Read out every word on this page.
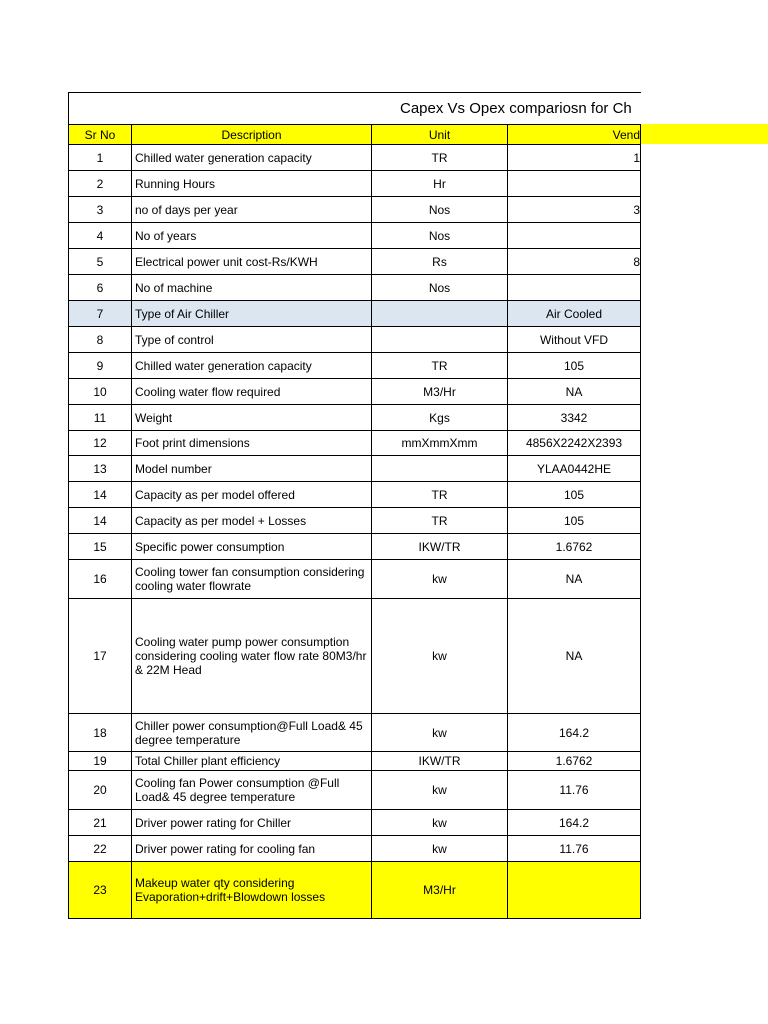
Capex Vs Opex compariosn for Ch			
Sr No	Description	Unit	Vend
1	Chilled water generation capacity	TR	1
2	Running Hours	Hr	
3	no of days per year	Nos	3
4	No of years	Nos	
5	Electrical power unit cost-Rs/KWH	Rs	8
6	No of machine	Nos	
7	Type of Air Chiller		Air Cooled
8	Type of control		Without VFD
9	Chilled water generation capacity	TR	105
10	Cooling water flow required	M3/Hr	NA
11	Weight	Kgs	3342
12	Foot print dimensions	mmXmmXmm	4856X2242X2393
13	Model number		YLAA0442HE
14	Capacity as per model offered	TR	105
14	Capacity as per model + Losses	TR	105
15	Specific power consumption	IKW/TR	1.6762
16	Cooling tower fan consumption considering cooling water flowrate	kw	NA
17	Cooling water pump power consumption considering cooling water flow rate 80M3/hr & 22M Head	kw	NA
18	Chiller power consumption@Full Load& 45 degree temperature	kw	164.2
19	Total Chiller plant efficiency	IKW/TR	1.6762
20	Cooling fan Power consumption @Full Load& 45 degree temperature	kw	11.76
21	Driver power rating for Chiller	kw	164.2
22	Driver power rating for cooling fan	kw	11.76
23	Makeup water qty considering Evaporation+drift+Blowdown losses	M3/Hr	
